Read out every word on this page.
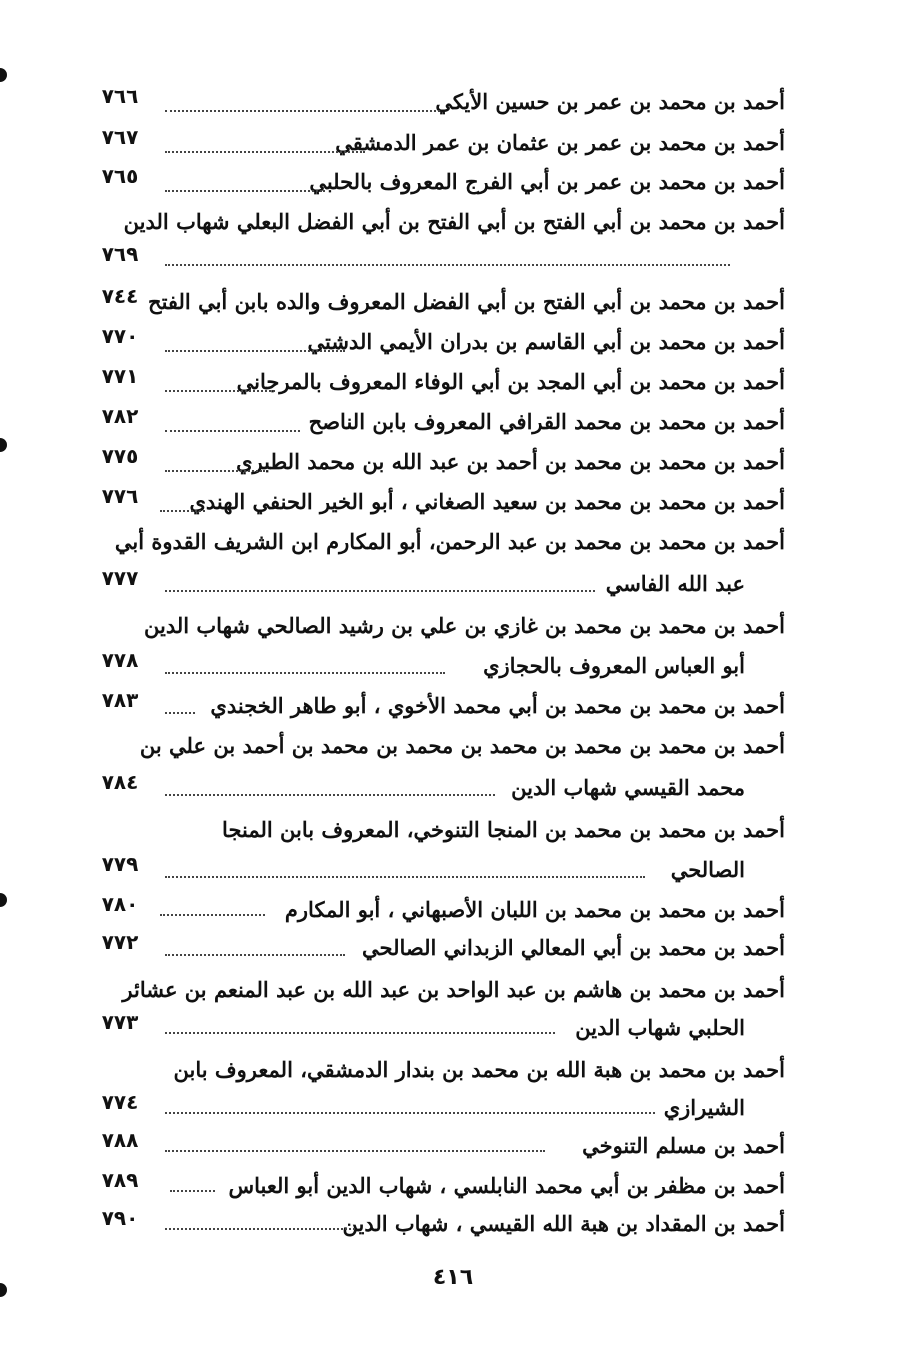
أحمد بن محمد بن عمر بن حسين الأيكي
٧٦٦
أحمد بن محمد بن عمر بن عثمان بن عمر الدمشقي
٧٦٧
أحمد بن محمد بن عمر بن أبي الفرج المعروف بالحلبي
٧٦٥
أحمد بن محمد بن أبي الفتح بن أبي الفتح بن أبي الفضل البعلي شهاب الدين
٧٦٩
أحمد بن محمد بن أبي الفتح بن أبي الفضل المعروف والده بابن أبي الفتح
٧٤٤
أحمد بن محمد بن أبي القاسم بن بدران الأيمي الدشتي
٧٧٠
أحمد بن محمد بن أبي المجد بن أبي الوفاء المعروف بالمرجاني
٧٧١
أحمد بن محمد بن محمد القرافي المعروف بابن الناصح
٧٨٢
أحمد بن محمد بن محمد بن أحمد بن عبد الله بن محمد الطبري
٧٧٥
أحمد بن محمد بن محمد بن سعيد الصغاني ، أبو الخير الحنفي الهندي
٧٧٦
أحمد بن محمد بن محمد بن عبد الرحمن، أبو المكارم ابن الشريف القدوة أبي
عبد الله الفاسي
٧٧٧
أحمد بن محمد بن محمد بن غازي بن علي بن رشيد الصالحي شهاب الدين
أبو العباس المعروف بالحجازي
٧٧٨
أحمد بن محمد بن محمد بن أبي محمد الأخوي ، أبو طاهر الخجندي
٧٨٣
أحمد بن محمد بن محمد بن محمد بن محمد بن محمد بن أحمد بن علي بن
محمد القيسي شهاب الدين
٧٨٤
أحمد بن محمد بن محمد بن المنجا التنوخي، المعروف بابن المنجا
الصالحي
٧٧٩
أحمد بن محمد بن محمد بن اللبان الأصبهاني ، أبو المكارم
٧٨٠
أحمد بن محمد بن أبي المعالي الزبداني الصالحي
٧٧٢
أحمد بن محمد بن هاشم بن عبد الواحد بن عبد الله بن عبد المنعم بن عشائر
الحلبي شهاب الدين
٧٧٣
أحمد بن محمد بن هبة الله بن محمد بن بندار الدمشقي، المعروف بابن
الشيرازي
٧٧٤
أحمد بن مسلم التنوخي
٧٨٨
أحمد بن مظفر بن أبي محمد النابلسي ، شهاب الدين أبو العباس
٧٨٩
أحمد بن المقداد بن هبة الله القيسي ، شهاب الدين
٧٩٠
٤١٦
